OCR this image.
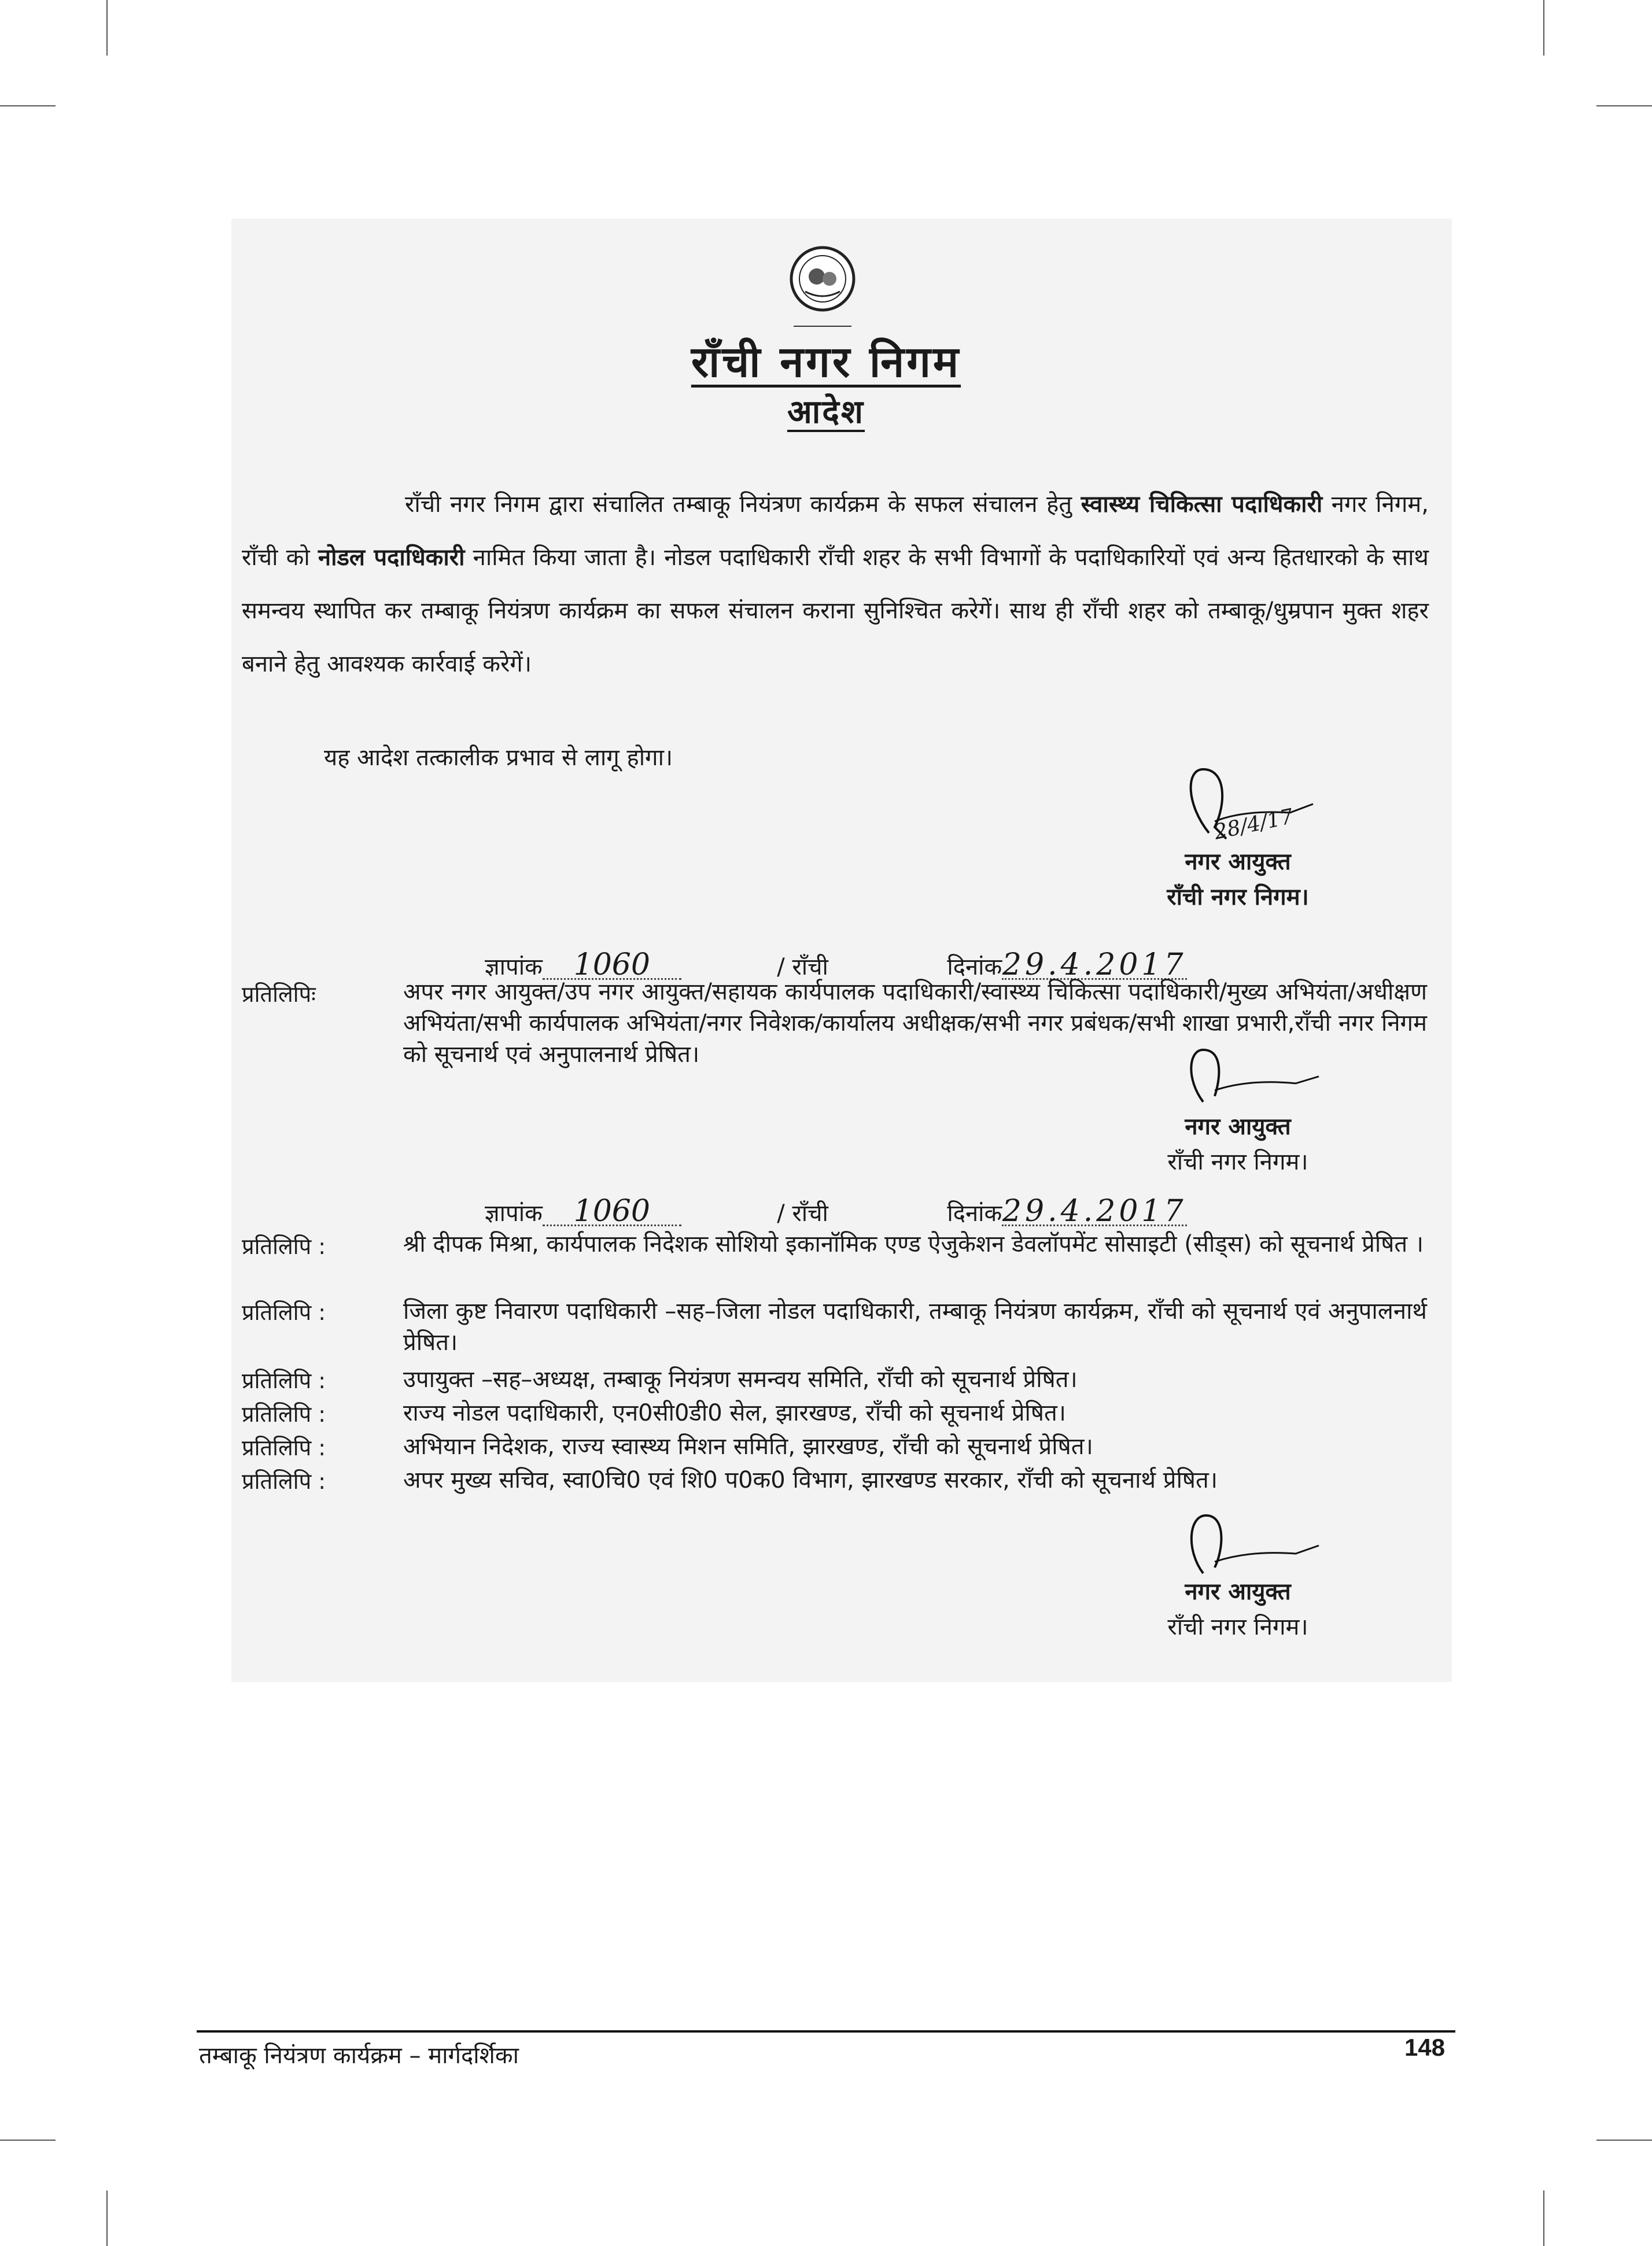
राँची नगर निगम
आदेश
राँची नगर निगम द्वारा संचालित तम्बाकू नियंत्रण कार्यक्रम के सफल संचालन हेतु स्वास्थ्य चिकित्सा पदाधिकारी नगर निगम, राँची को नोडल पदाधिकारी नामित किया जाता है। नोडल पदाधिकारी राँची शहर के सभी विभागों के पदाधिकारियों एवं अन्य हितधारको के साथ समन्वय स्थापित कर तम्बाकू नियंत्रण कार्यक्रम का सफल संचालन कराना सुनिश्चित करेगें। साथ ही राँची शहर को तम्बाकू/धुम्रपान मुक्त शहर बनाने हेतु आवश्यक कार्रवाई करेगें।
यह आदेश तत्कालीक प्रभाव से लागू होगा।
28/4/17
नगर आयुक्त
राँची नगर निगम।
ज्ञापांक 1060	/ राँची	दिनांक29.4.2017
प्रतिलिपिः	अपर नगर आयुक्त/उप नगर आयुक्त/सहायक कार्यपालक पदाधिकारी/स्वास्थ्य चिकित्सा पदाधिकारी/मुख्य अभियंता/अधीक्षण अभियंता/सभी कार्यपालक अभियंता/नगर निवेशक/कार्यालय अधीक्षक/सभी नगर प्रबंधक/सभी शाखा प्रभारी,राँची नगर निगम को सूचनार्थ एवं अनुपालनार्थ प्रेषित।
नगर आयुक्त
राँची नगर निगम।
ज्ञापांक 1060	/ राँची	दिनांक29.4.2017
प्रतिलिपि :	श्री दीपक मिश्रा, कार्यपालक निदेशक सोशियो इकानॉमिक एण्ड ऐजुकेशन डेवलॉपमेंट सोसाइटी (सीड्स) को सूचनार्थ प्रेषित ।
प्रतिलिपि :	जिला कुष्ट निवारण पदाधिकारी –सह–जिला नोडल पदाधिकारी, तम्बाकू नियंत्रण कार्यक्रम, राँची को सूचनार्थ एवं अनुपालनार्थ प्रेषित।
प्रतिलिपि :	उपायुक्त –सह–अध्यक्ष, तम्बाकू नियंत्रण समन्वय समिति, राँची को सूचनार्थ प्रेषित।
प्रतिलिपि :	राज्य नोडल पदाधिकारी, एन0सी0डी0 सेल, झारखण्ड, राँची को सूचनार्थ प्रेषित।
प्रतिलिपि :	अभियान निदेशक, राज्य स्वास्थ्य मिशन समिति, झारखण्ड, राँची को सूचनार्थ प्रेषित।
प्रतिलिपि :	अपर मुख्य सचिव, स्वा0चि0 एवं शि0 प0क0 विभाग, झारखण्ड सरकार, राँची को सूचनार्थ प्रेषित।
नगर आयुक्त
राँची नगर निगम।
तम्बाकू नियंत्रण कार्यक्रम – मार्गदर्शिका	148
